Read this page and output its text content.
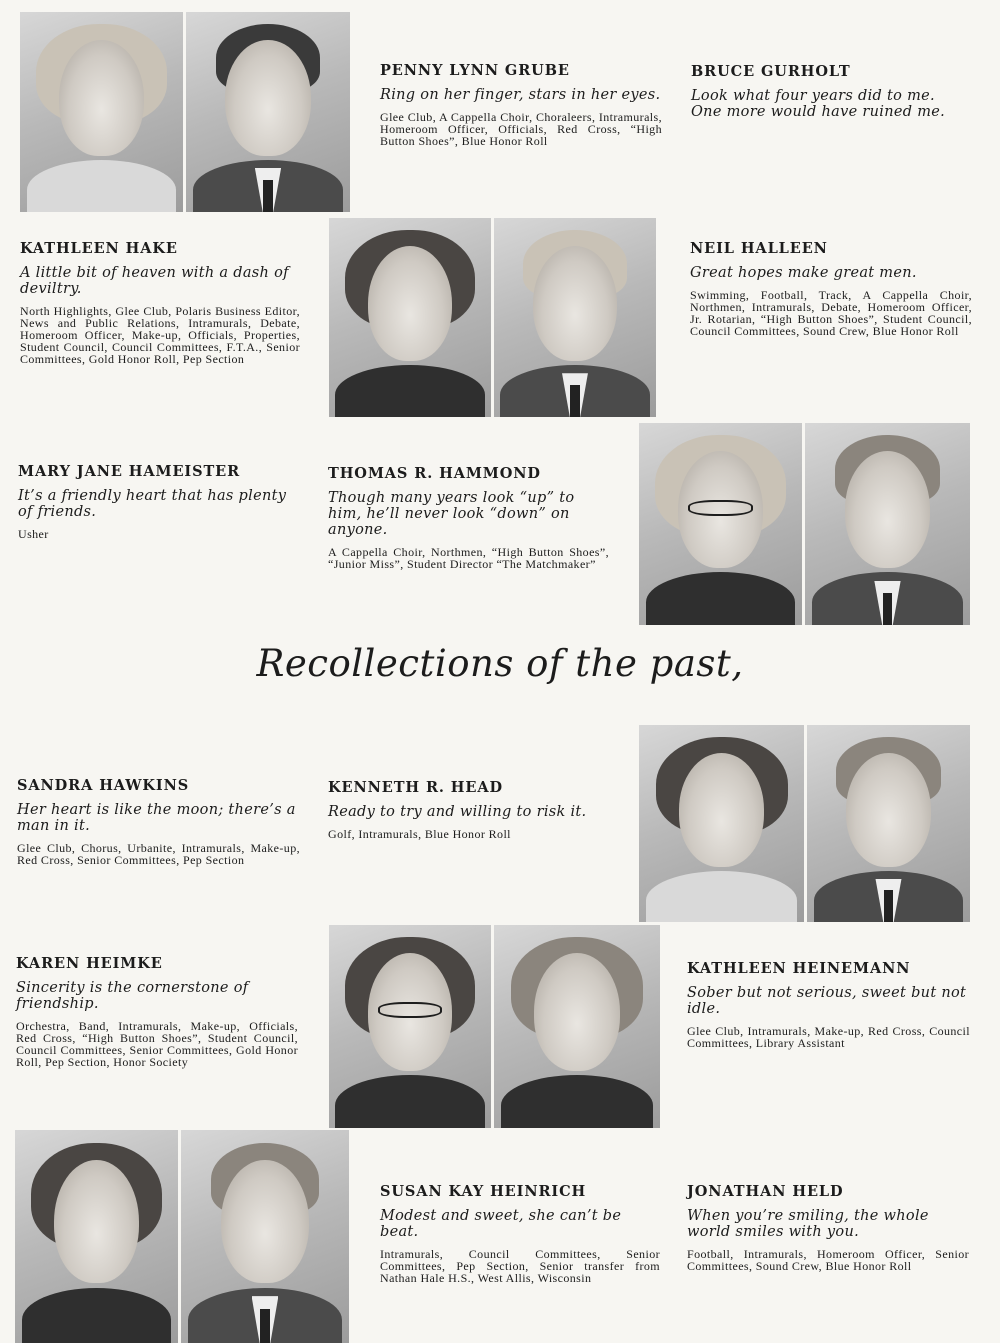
Recollections of the past,
PENNY LYNN GRUBE
Ring on her finger, stars in her eyes.
Glee Club, A Cappella Choir, Choraleers, Intramurals, Homeroom Officer, Officials, Red Cross, “High Button Shoes”, Blue Honor Roll
BRUCE GURHOLT
Look what four years did to me. One more would have ruined me.
KATHLEEN HAKE
A little bit of heaven with a dash of deviltry.
North Highlights, Glee Club, Polaris Business Editor, News and Public Relations, Intramurals, Debate, Homeroom Officer, Make-up, Officials, Properties, Student Council, Council Committees, F.T.A., Senior Committees, Gold Honor Roll, Pep Section
NEIL HALLEEN
Great hopes make great men.
Swimming, Football, Track, A Cappella Choir, Northmen, Intramurals, Debate, Homeroom Officer, Jr. Rotarian, “High Button Shoes”, Student Council, Council Committees, Sound Crew, Blue Honor Roll
MARY JANE HAMEISTER
It’s a friendly heart that has plenty of friends.
Usher
THOMAS R. HAMMOND
Though many years look “up” to him, he’ll never look “down” on anyone.
A Cappella Choir, Northmen, “High Button Shoes”, “Junior Miss”, Student Director “The Matchmaker”
SANDRA HAWKINS
Her heart is like the moon; there’s a man in it.
Glee Club, Chorus, Urbanite, Intramurals, Make-up, Red Cross, Senior Committees, Pep Section
KENNETH R. HEAD
Ready to try and willing to risk it.
Golf, Intramurals, Blue Honor Roll
KAREN HEIMKE
Sincerity is the cornerstone of friendship.
Orchestra, Band, Intramurals, Make-up, Officials, Red Cross, “High Button Shoes”, Student Council, Council Committees, Senior Committees, Gold Honor Roll, Pep Section, Honor Society
KATHLEEN HEINEMANN
Sober but not serious, sweet but not idle.
Glee Club, Intramurals, Make-up, Red Cross, Council Committees, Library Assistant
SUSAN KAY HEINRICH
Modest and sweet, she can’t be beat.
Intramurals, Council Committees, Senior Committees, Pep Section, Senior transfer from Nathan Hale H.S., West Allis, Wisconsin
JONATHAN HELD
When you’re smiling, the whole world smiles with you.
Football, Intramurals, Homeroom Officer, Senior Committees, Sound Crew, Blue Honor Roll
